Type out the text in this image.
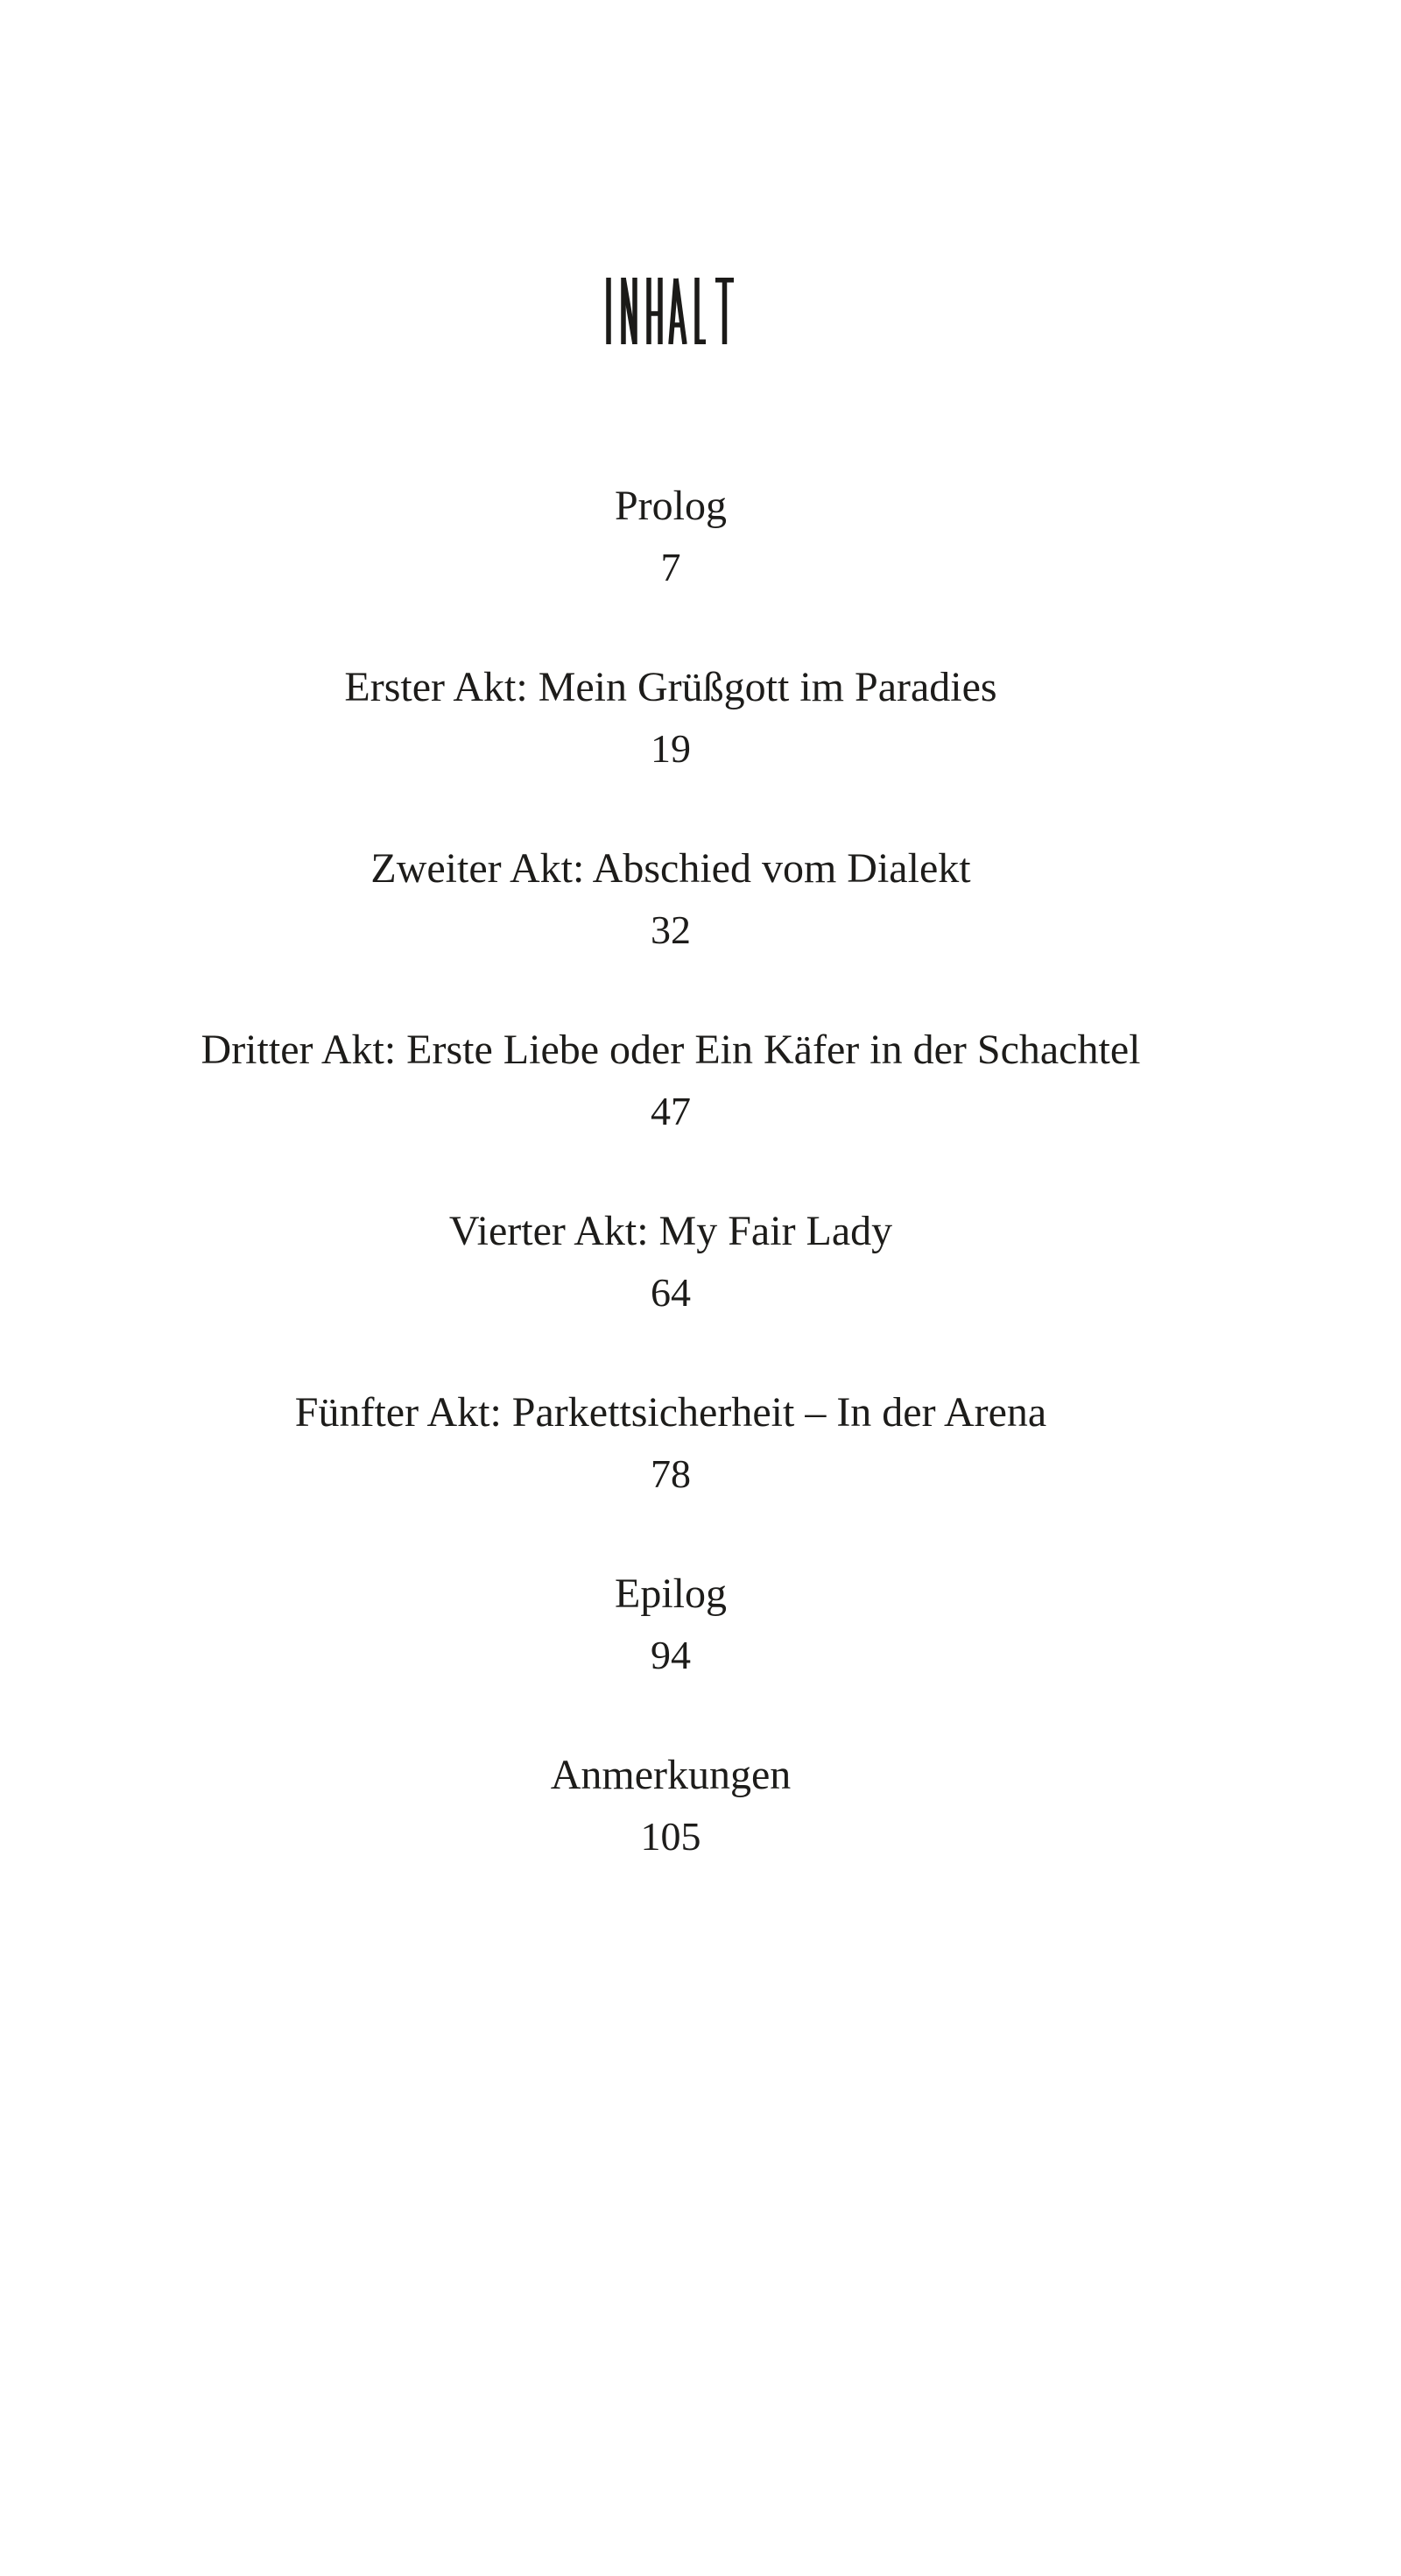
Prolog
7
Erster Akt: Mein Grüßgott im Paradies
19
Zweiter Akt: Abschied vom Dialekt
32
Dritter Akt: Erste Liebe oder Ein Käfer in der Schachtel
47
Vierter Akt: My Fair Lady
64
Fünfter Akt: Parkettsicherheit – In der Arena
78
Epilog
94
Anmerkungen
105
